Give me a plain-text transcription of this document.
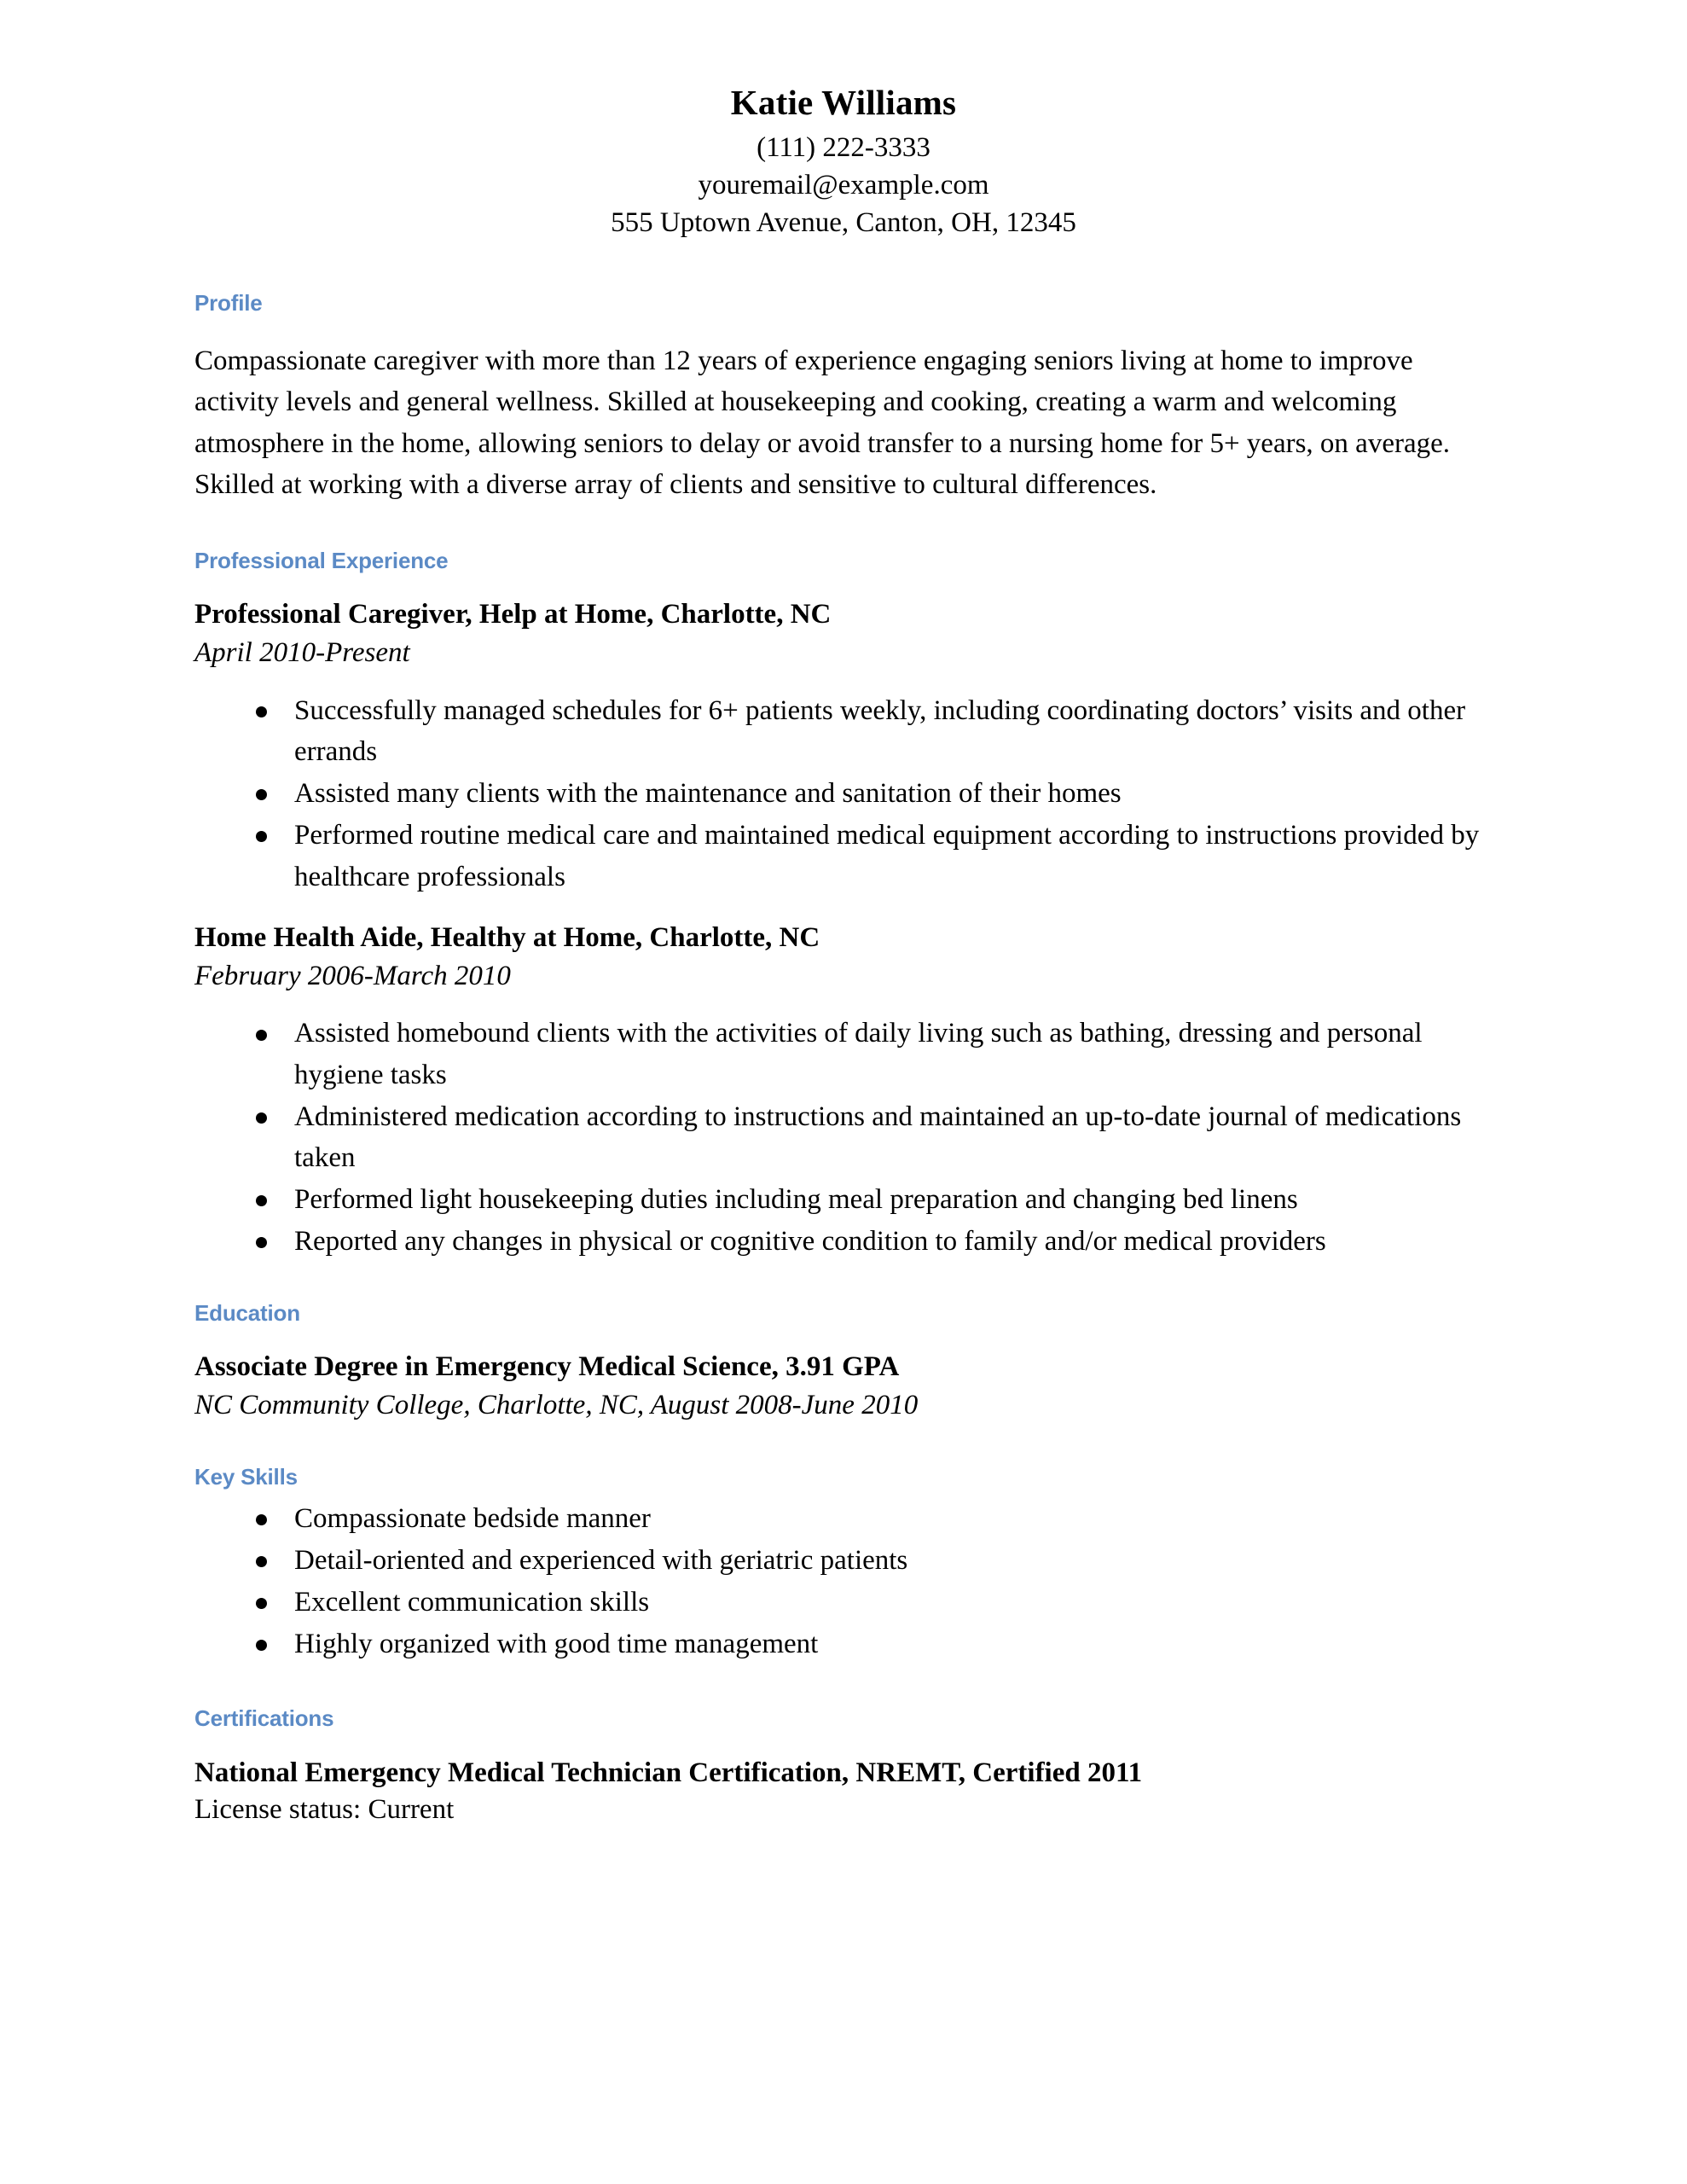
Katie Williams

(111) 222-3333

youremail@example.com

555 Uptown Avenue, Canton, OH, 12345

Profile

Compassionate caregiver with more than 12 years of experience engaging seniors living at home to improve activity levels and general wellness. Skilled at housekeeping and cooking, creating a warm and welcoming atmosphere in the home, allowing seniors to delay or avoid transfer to a nursing home for 5+ years, on average. Skilled at working with a diverse array of clients and sensitive to cultural differences.

Professional Experience

Professional Caregiver, Help at Home, Charlotte, NC

April 2010-Present

Successfully managed schedules for 6+ patients weekly, including coordinating doctors’ visits and other errands
Assisted many clients with the maintenance and sanitation of their homes
Performed routine medical care and maintained medical equipment according to instructions provided by healthcare professionals

Home Health Aide, Healthy at Home, Charlotte, NC

February 2006-March 2010

Assisted homebound clients with the activities of daily living such as bathing, dressing and personal hygiene tasks
Administered medication according to instructions and maintained an up-to-date journal of medications taken
Performed light housekeeping duties including meal preparation and changing bed linens
Reported any changes in physical or cognitive condition to family and/or medical providers
Education

Associate Degree in Emergency Medical Science, 3.91 GPA

NC Community College, Charlotte, NC, August 2008-June 2010

Key Skills
Compassionate bedside manner
Detail-oriented and experienced with geriatric patients
Excellent communication skills
Highly organized with good time management
Certifications

National Emergency Medical Technician Certification, NREMT, Certified 2011

License status: Current
